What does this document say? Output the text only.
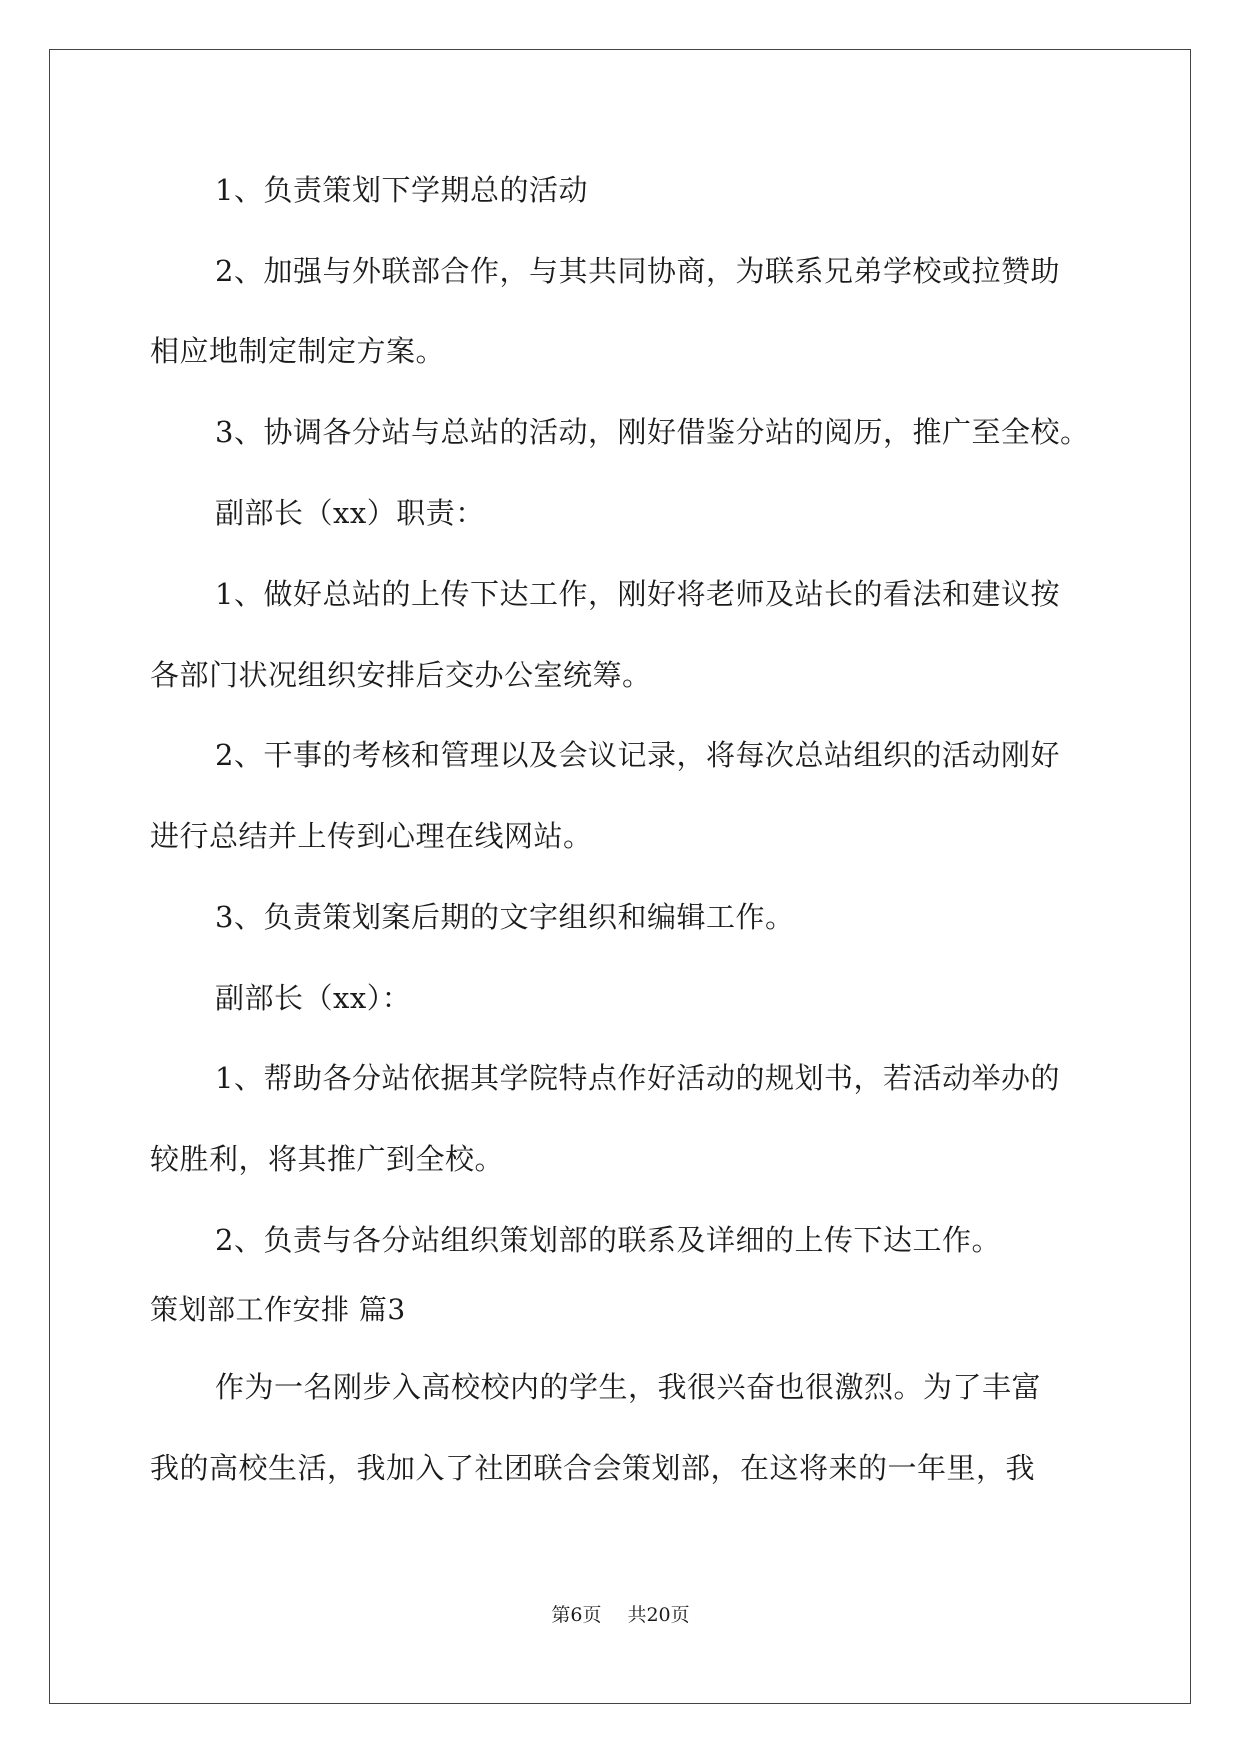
1、负责策划下学期总的活动

2、加强与外联部合作，与其共同协商，为联系兄弟学校或拉赞助

相应地制定制定方案。

3、协调各分站与总站的活动，刚好借鉴分站的阅历，推广至全校。

副部长（xx）职责：

1、做好总站的上传下达工作，刚好将老师及站长的看法和建议按

各部门状况组织安排后交办公室统筹。

2、干事的考核和管理以及会议记录，将每次总站组织的活动刚好

进行总结并上传到心理在线网站。

3、负责策划案后期的文字组织和编辑工作。

副部长（xx）：

1、帮助各分站依据其学院特点作好活动的规划书，若活动举办的

较胜利，将其推广到全校。

2、负责与各分站组织策划部的联系及详细的上传下达工作。

策划部工作安排 篇3

作为一名刚步入高校校内的学生，我很兴奋也很激烈。为了丰富

我的高校生活，我加入了社团联合会策划部，在这将来的一年里，我

第6页 共20页
